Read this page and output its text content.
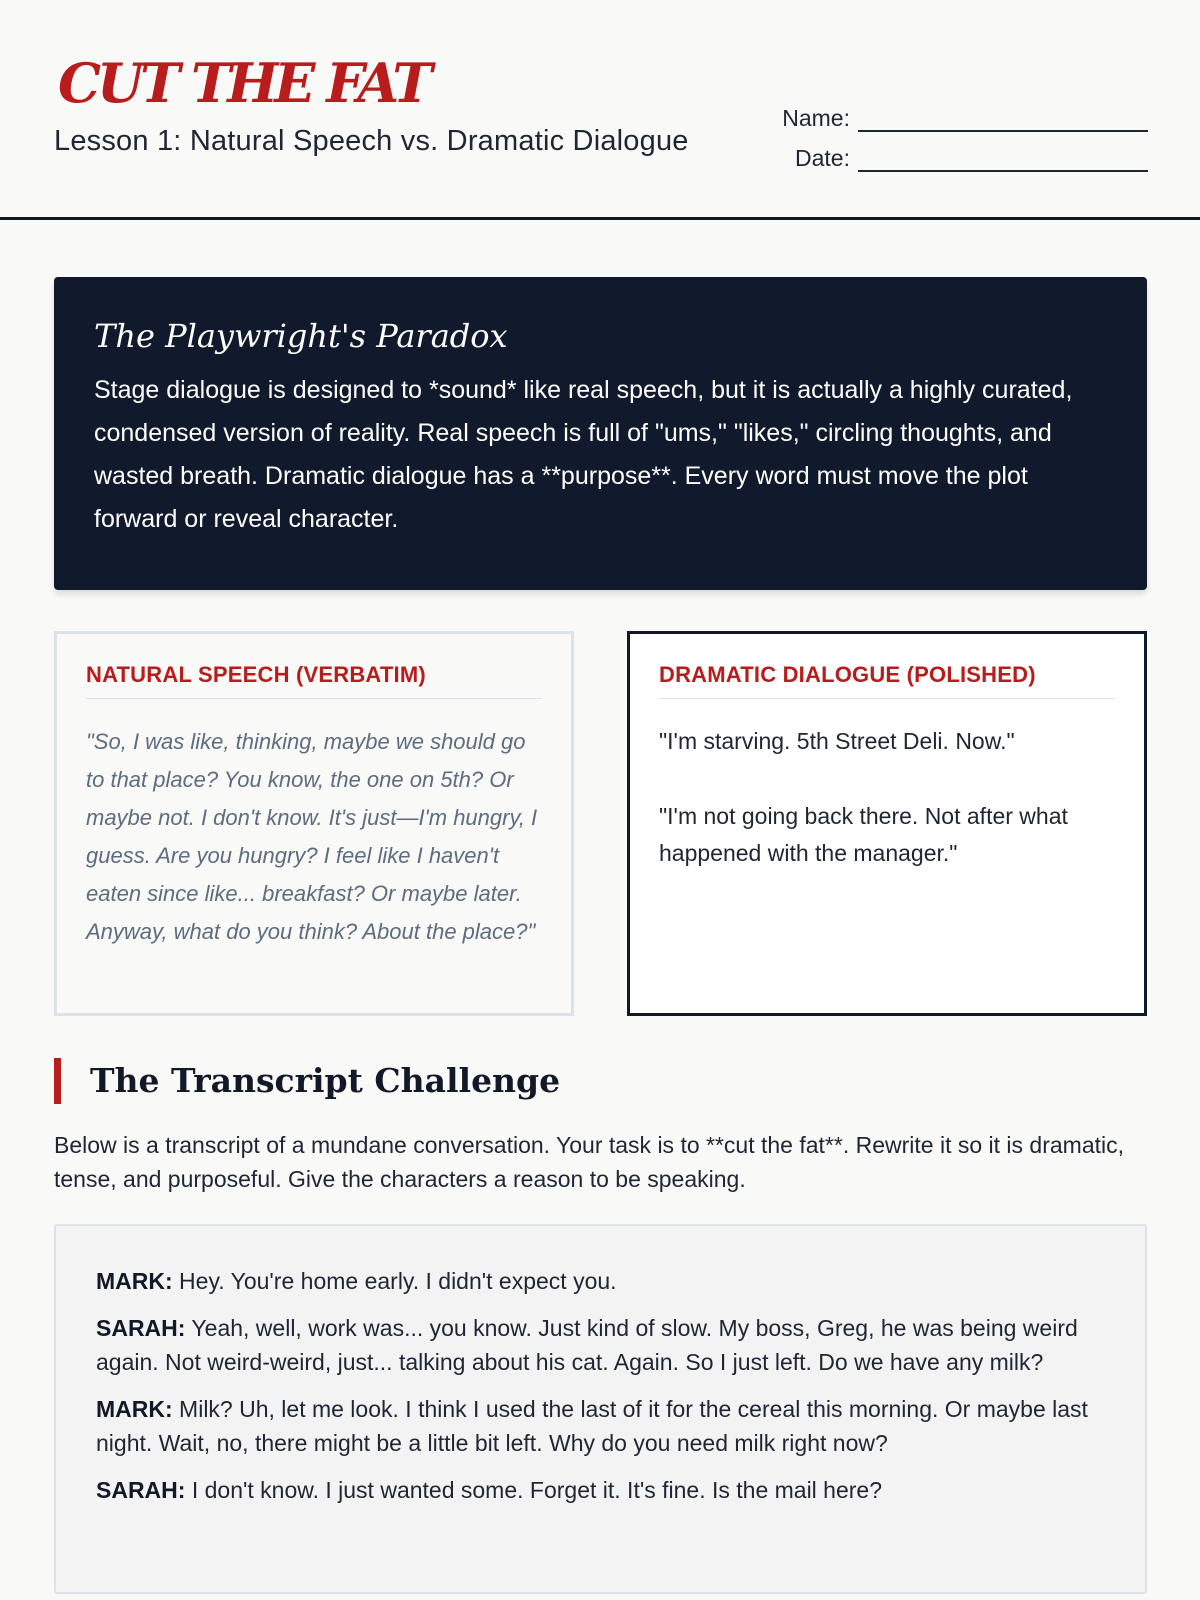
CUT THE FAT
Lesson 1: Natural Speech vs. Dramatic Dialogue
Name:
Date:
The Playwright's Paradox

Stage dialogue is designed to *sound* like real speech, but it is actually a highly curated, condensed version of reality. Real speech is full of "ums," "likes," circling thoughts, and wasted breath. Dramatic dialogue has a **purpose**. Every word must move the plot forward or reveal character.

NATURAL SPEECH (VERBATIM)

"So, I was like, thinking, maybe we should go to that place? You know, the one on 5th? Or maybe not. I don't know. It's just—I'm hungry, I guess. Are you hungry? I feel like I haven't eaten since like... breakfast? Or maybe later. Anyway, what do you think? About the place?"

DRAMATIC DIALOGUE (POLISHED)

"I'm starving. 5th Street Deli. Now."

"I'm not going back there. Not after what happened with the manager."

The Transcript Challenge

Below is a transcript of a mundane conversation. Your task is to **cut the fat**. Rewrite it so it is dramatic, tense, and purposeful. Give the characters a reason to be speaking.

MARK: Hey. You're home early. I didn't expect you.

SARAH: Yeah, well, work was... you know. Just kind of slow. My boss, Greg, he was being weird again. Not weird-weird, just... talking about his cat. Again. So I just left. Do we have any milk?

MARK: Milk? Uh, let me look. I think I used the last of it for the cereal this morning. Or maybe last night. Wait, no, there might be a little bit left. Why do you need milk right now?

SARAH: I don't know. I just wanted some. Forget it. It's fine. Is the mail here?
